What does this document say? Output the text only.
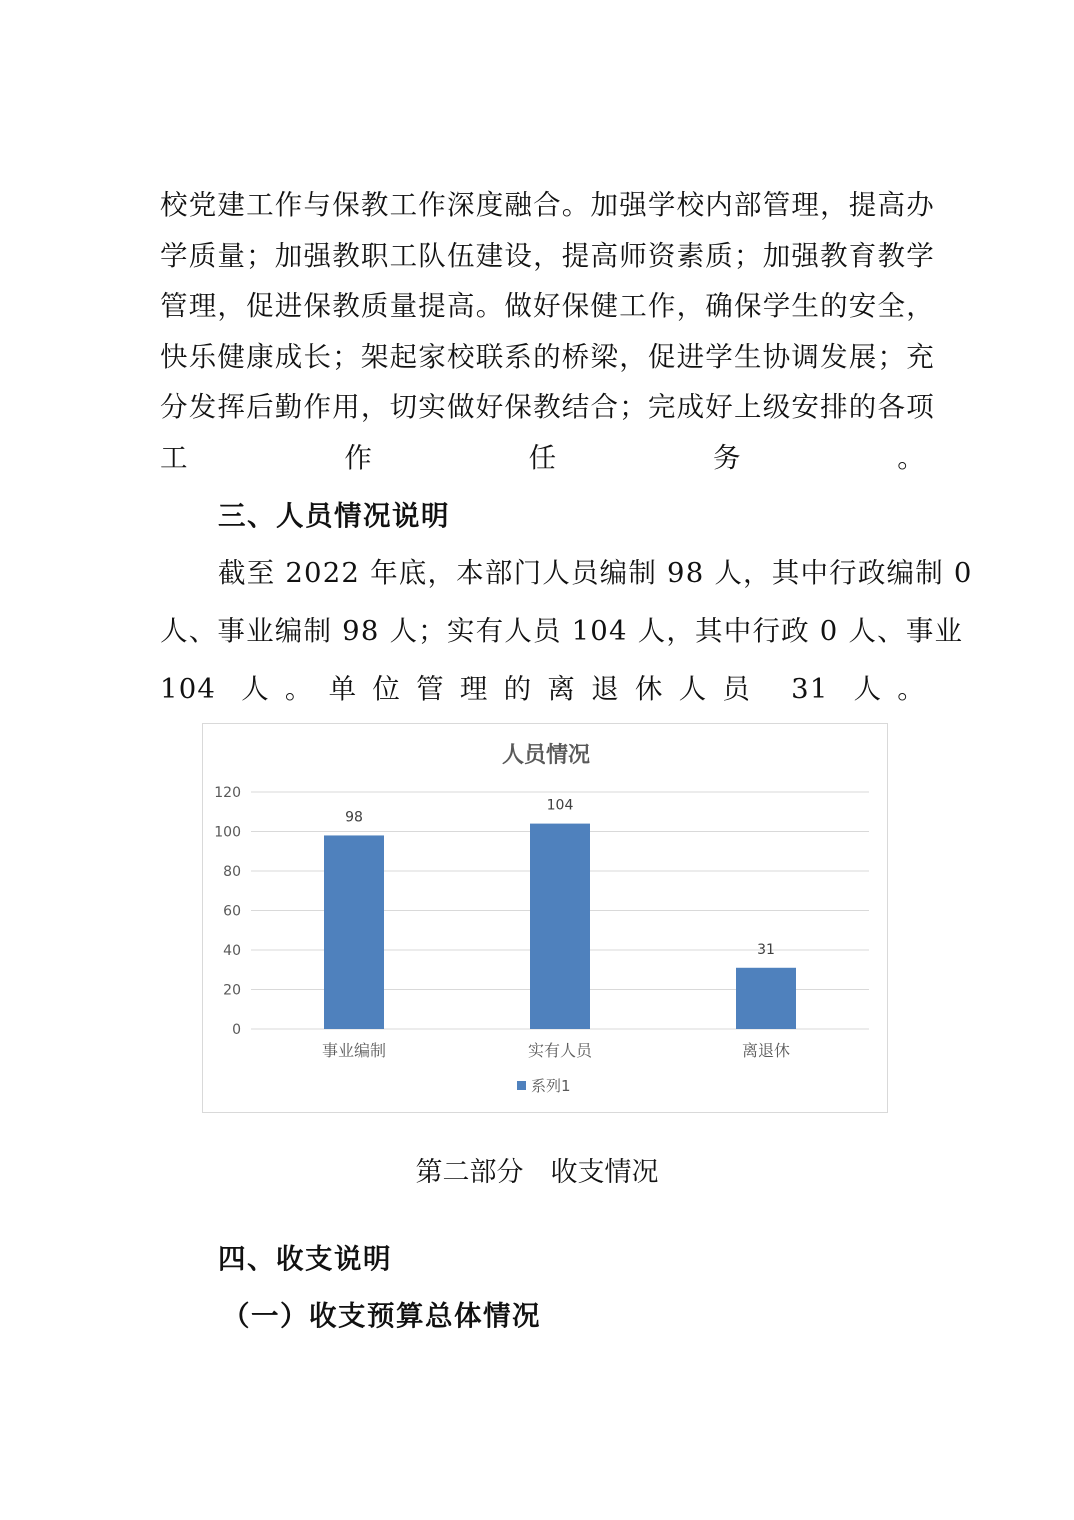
校党建工作与保教工作深度融合。加强学校内部管理，提高办
学质量；加强教职工队伍建设，提高师资素质；加强教育教学
管理，促进保教质量提高。做好保健工作，确保学生的安全，
快乐健康成长；架起家校联系的桥梁，促进学生协调发展；充
分发挥后勤作用，切实做好保教结合；完成好上级安排的各项
工作任务。
三、人员情况说明
截至 2022 年底，本部门人员编制 98 人，其中行政编制 0
人、事业编制 98 人；实有人员 104 人，其中行政 0 人、事业
104 人。单位管理的离退休人员 31 人。

人员情况

0
20
40
60
80
100
120
98
事业编制
104
实有人员
31
离退休
系列1

第二部分　收支情况

四、收支说明
（一）收支预算总体情况
